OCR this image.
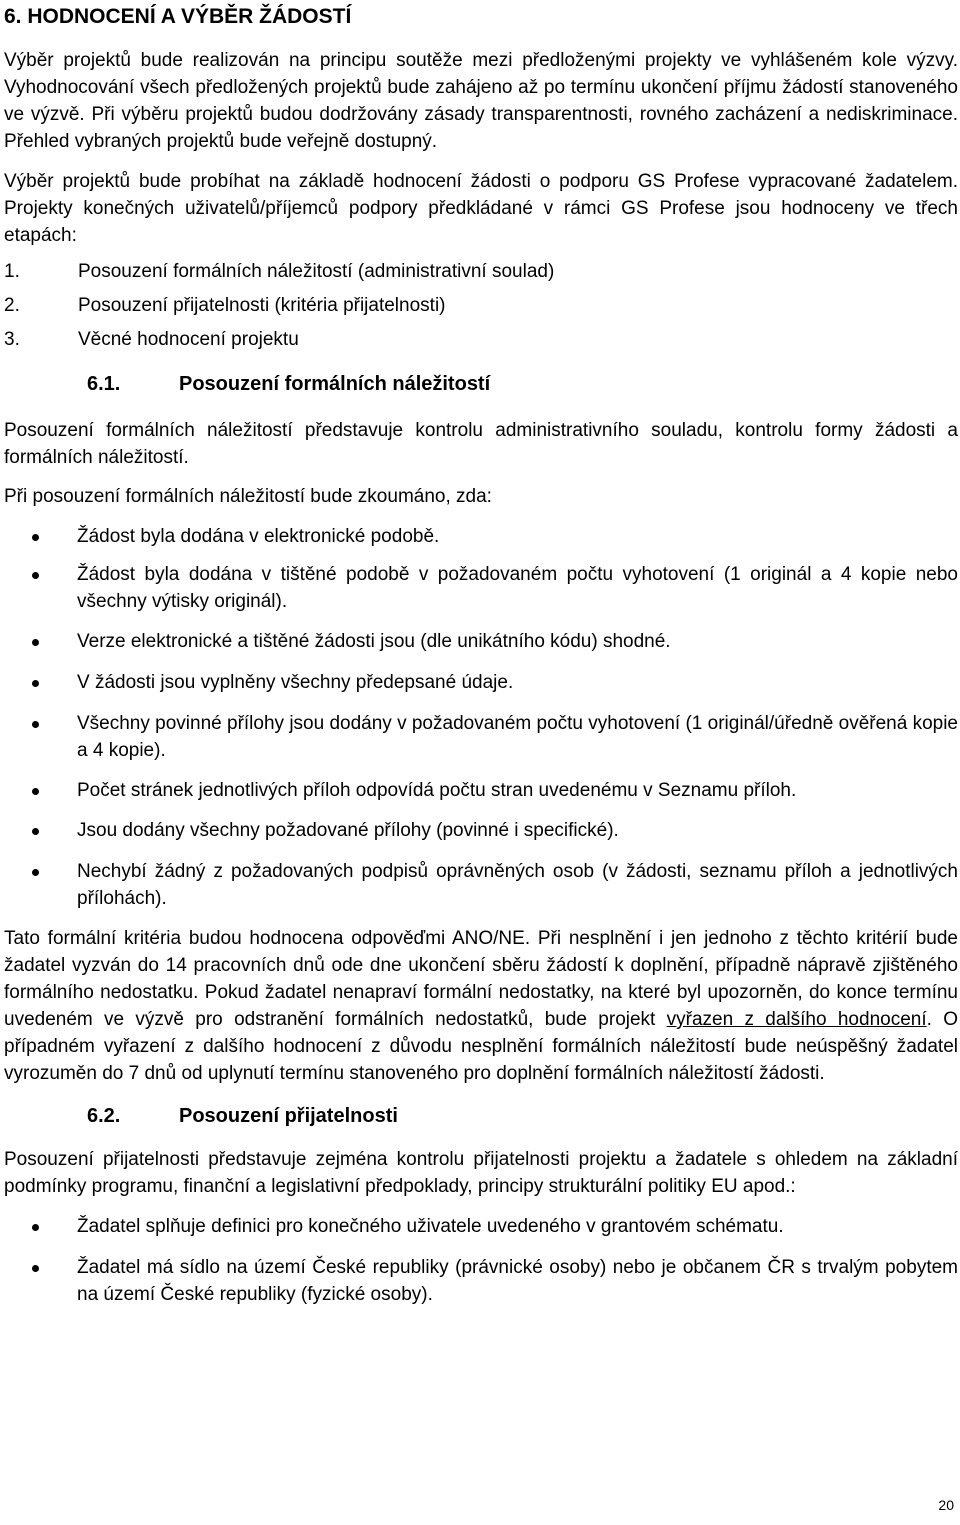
6. HODNOCENÍ A VÝBĚR ŽÁDOSTÍ

Výběr projektů bude realizován na principu soutěže mezi předloženými projekty ve vyhlášeném kole výzvy. Vyhodnocování všech předložených projektů bude zahájeno až po termínu ukončení příjmu žádostí stanoveného ve výzvě. Při výběru projektů budou dodržovány zásady transparentnosti, rovného zacházení a nediskriminace. Přehled vybraných projektů bude veřejně dostupný.

Výběr projektů bude probíhat na základě hodnocení žádosti o podporu GS Profese vypracované žadatelem. Projekty konečných uživatelů/příjemců podpory předkládané v rámci GS Profese jsou hodnoceny ve třech etapách:

1.	Posouzení formálních náležitostí (administrativní soulad)
2.	Posouzení přijatelnosti (kritéria přijatelnosti)
3.	Věcné hodnocení projektu
6.1.	Posouzení formálních náležitostí

Posouzení formálních náležitostí představuje kontrolu administrativního souladu, kontrolu formy žádosti a formálních náležitostí.

Při posouzení formálních náležitostí bude zkoumáno, zda:

Žádost byla dodána v elektronické podobě.
Žádost byla dodána v tištěné podobě v požadovaném počtu vyhotovení (1 originál a 4 kopie nebo všechny výtisky originál).
Verze elektronické a tištěné žádosti jsou (dle unikátního kódu) shodné.
V žádosti jsou vyplněny všechny předepsané údaje.
Všechny povinné přílohy jsou dodány v požadovaném počtu vyhotovení (1 originál/úředně ověřená kopie a 4 kopie).
Počet stránek jednotlivých příloh odpovídá počtu stran uvedenému v Seznamu příloh.
Jsou dodány všechny požadované přílohy (povinné i specifické).
Nechybí žádný z požadovaných podpisů oprávněných osob (v žádosti, seznamu příloh a jednotlivých přílohách).

Tato formální kritéria budou hodnocena odpověďmi ANO/NE. Při nesplnění i jen jednoho z těchto kritérií bude žadatel vyzván do 14 pracovních dnů ode dne ukončení sběru žádostí k doplnění, případně nápravě zjištěného formálního nedostatku. Pokud žadatel nenapraví formální nedostatky, na které byl upozorněn, do konce termínu uvedeném ve výzvě pro odstranění formálních nedostatků, bude projekt vyřazen z dalšího hodnocení. O případném vyřazení z dalšího hodnocení z důvodu nesplnění formálních náležitostí bude neúspěšný žadatel vyrozuměn do 7 dnů od uplynutí termínu stanoveného pro doplnění formálních náležitostí žádosti.

6.2.	Posouzení přijatelnosti

Posouzení přijatelnosti představuje zejména kontrolu přijatelnosti projektu a žadatele s ohledem na základní podmínky programu, finanční a legislativní předpoklady, principy strukturální politiky EU apod.:

Žadatel splňuje definici pro konečného uživatele uvedeného v grantovém schématu.
Žadatel má sídlo na území České republiky (právnické osoby) nebo je občanem ČR s trvalým pobytem na území České republiky (fyzické osoby).
20
